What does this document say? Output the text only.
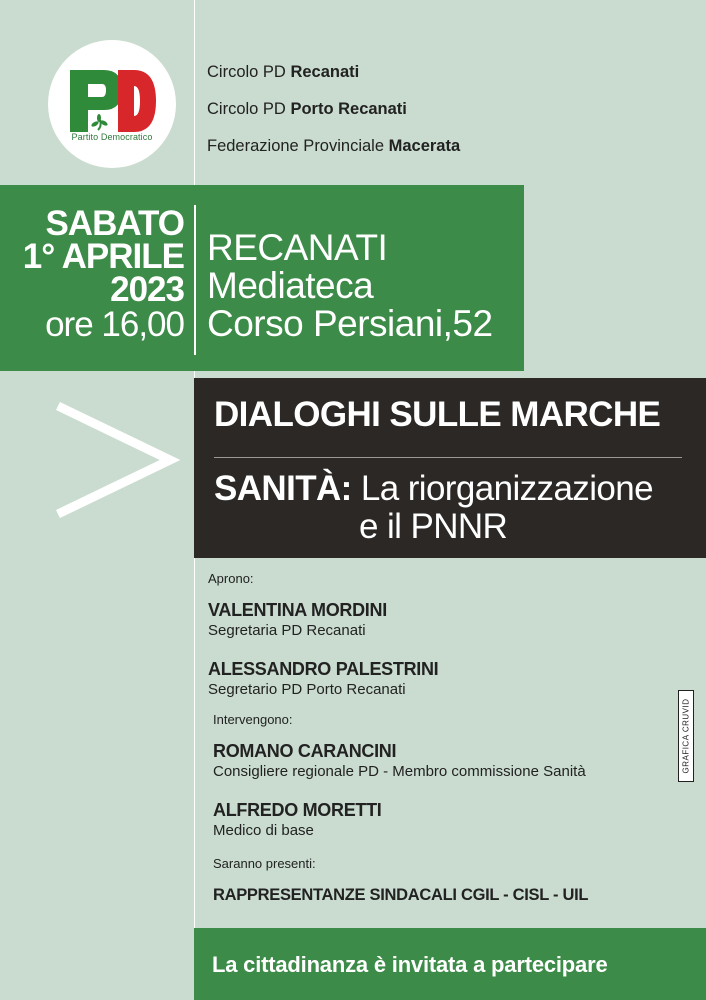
Partito Democratico
Circolo PD Recanati
Circolo PD Porto Recanati
Federazione Provinciale Macerata
SABATO
1° APRILE
2023
ore 16,00
RECANATI
Mediateca
Corso Persiani,52
DIALOGHI SULLE MARCHE
SANITÀ: La riorganizzazione
e il PNNR
Aprono:
VALENTINA MORDINI
Segretaria PD Recanati
ALESSANDRO PALESTRINI
Segretario PD Porto Recanati
Intervengono:
ROMANO CARANCINI
Consigliere regionale PD - Membro commissione Sanità
ALFREDO MORETTI
Medico di base
Saranno presenti:
RAPPRESENTANZE SINDACALI CGIL - CISL - UIL
GRAFICA CRUVID
La cittadinanza è invitata a partecipare
